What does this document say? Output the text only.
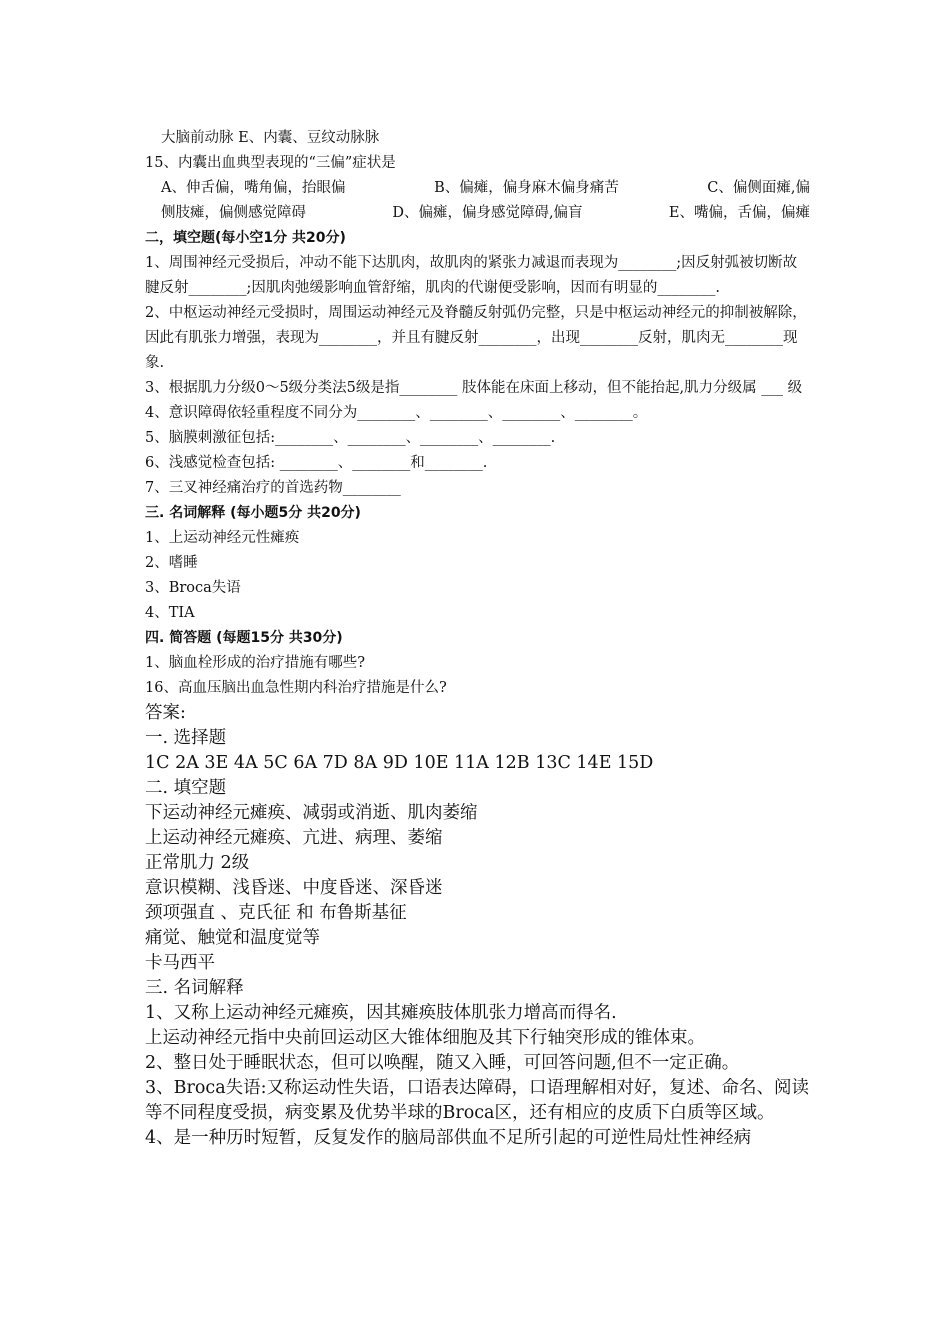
大脑前动脉 E、内囊、豆纹动脉脉
15、内囊出血典型表现的“三偏”症状是
A、伸舌偏，嘴角偏，抬眼偏	B、偏瘫，偏身麻木偏身痛苦	C、偏侧面瘫,偏
侧肢瘫，偏侧感觉障碍	D、偏瘫，偏身感觉障碍,偏盲	E、嘴偏，舌偏，偏瘫
二，填空题(每小空1分 共20分)
1、周围神经元受损后，冲动不能下达肌肉，故肌肉的紧张力减退而表现为________;因反射弧被切断故腱反射________;因肌肉弛缓影响血管舒缩，肌肉的代谢便受影响，因而有明显的________.
2、中枢运动神经元受损时，周围运动神经元及脊髓反射弧仍完整，只是中枢运动神经元的抑制被解除，因此有肌张力增强，表现为________，并且有腱反射________，出现________反射，肌肉无________现象.
3、根据肌力分级0～5级分类法5级是指________ 肢体能在床面上移动，但不能抬起,肌力分级属 ___ 级
4、意识障碍依轻重程度不同分为________、________、________、________。
5、脑膜刺激征包括:________、________、________、________.
6、浅感觉检查包括: ________、________和________.
7、三叉神经痛治疗的首选药物________
三. 名词解释 (每小题5分 共20分)
1、上运动神经元性瘫痪
2、嗜睡
3、Broca失语
4、TIA
四. 简答题 (每题15分 共30分)
1、脑血栓形成的治疗措施有哪些?
16、高血压脑出血急性期内科治疗措施是什么?
答案:
一. 选择题
1C 2A 3E 4A 5C 6A 7D 8A 9D 10E 11A 12B 13C 14E 15D
二. 填空题
下运动神经元瘫痪、减弱或消逝、肌肉萎缩
上运动神经元瘫痪、亢进、病理、萎缩
正常肌力 2级
意识模糊、浅昏迷、中度昏迷、深昏迷
颈项强直 、克氏征 和 布鲁斯基征
痛觉、触觉和温度觉等
卡马西平
三. 名词解释
1、又称上运动神经元瘫痪，因其瘫痪肢体肌张力增高而得名.
上运动神经元指中央前回运动区大锥体细胞及其下行轴突形成的锥体束。
2、整日处于睡眠状态，但可以唤醒，随又入睡，可回答问题,但不一定正确。
3、Broca失语:又称运动性失语，口语表达障碍，口语理解相对好，复述、命名、阅读等不同程度受损，病变累及优势半球的Broca区，还有相应的皮质下白质等区域。
4、是一种历时短暂，反复发作的脑局部供血不足所引起的可逆性局灶性神经病
